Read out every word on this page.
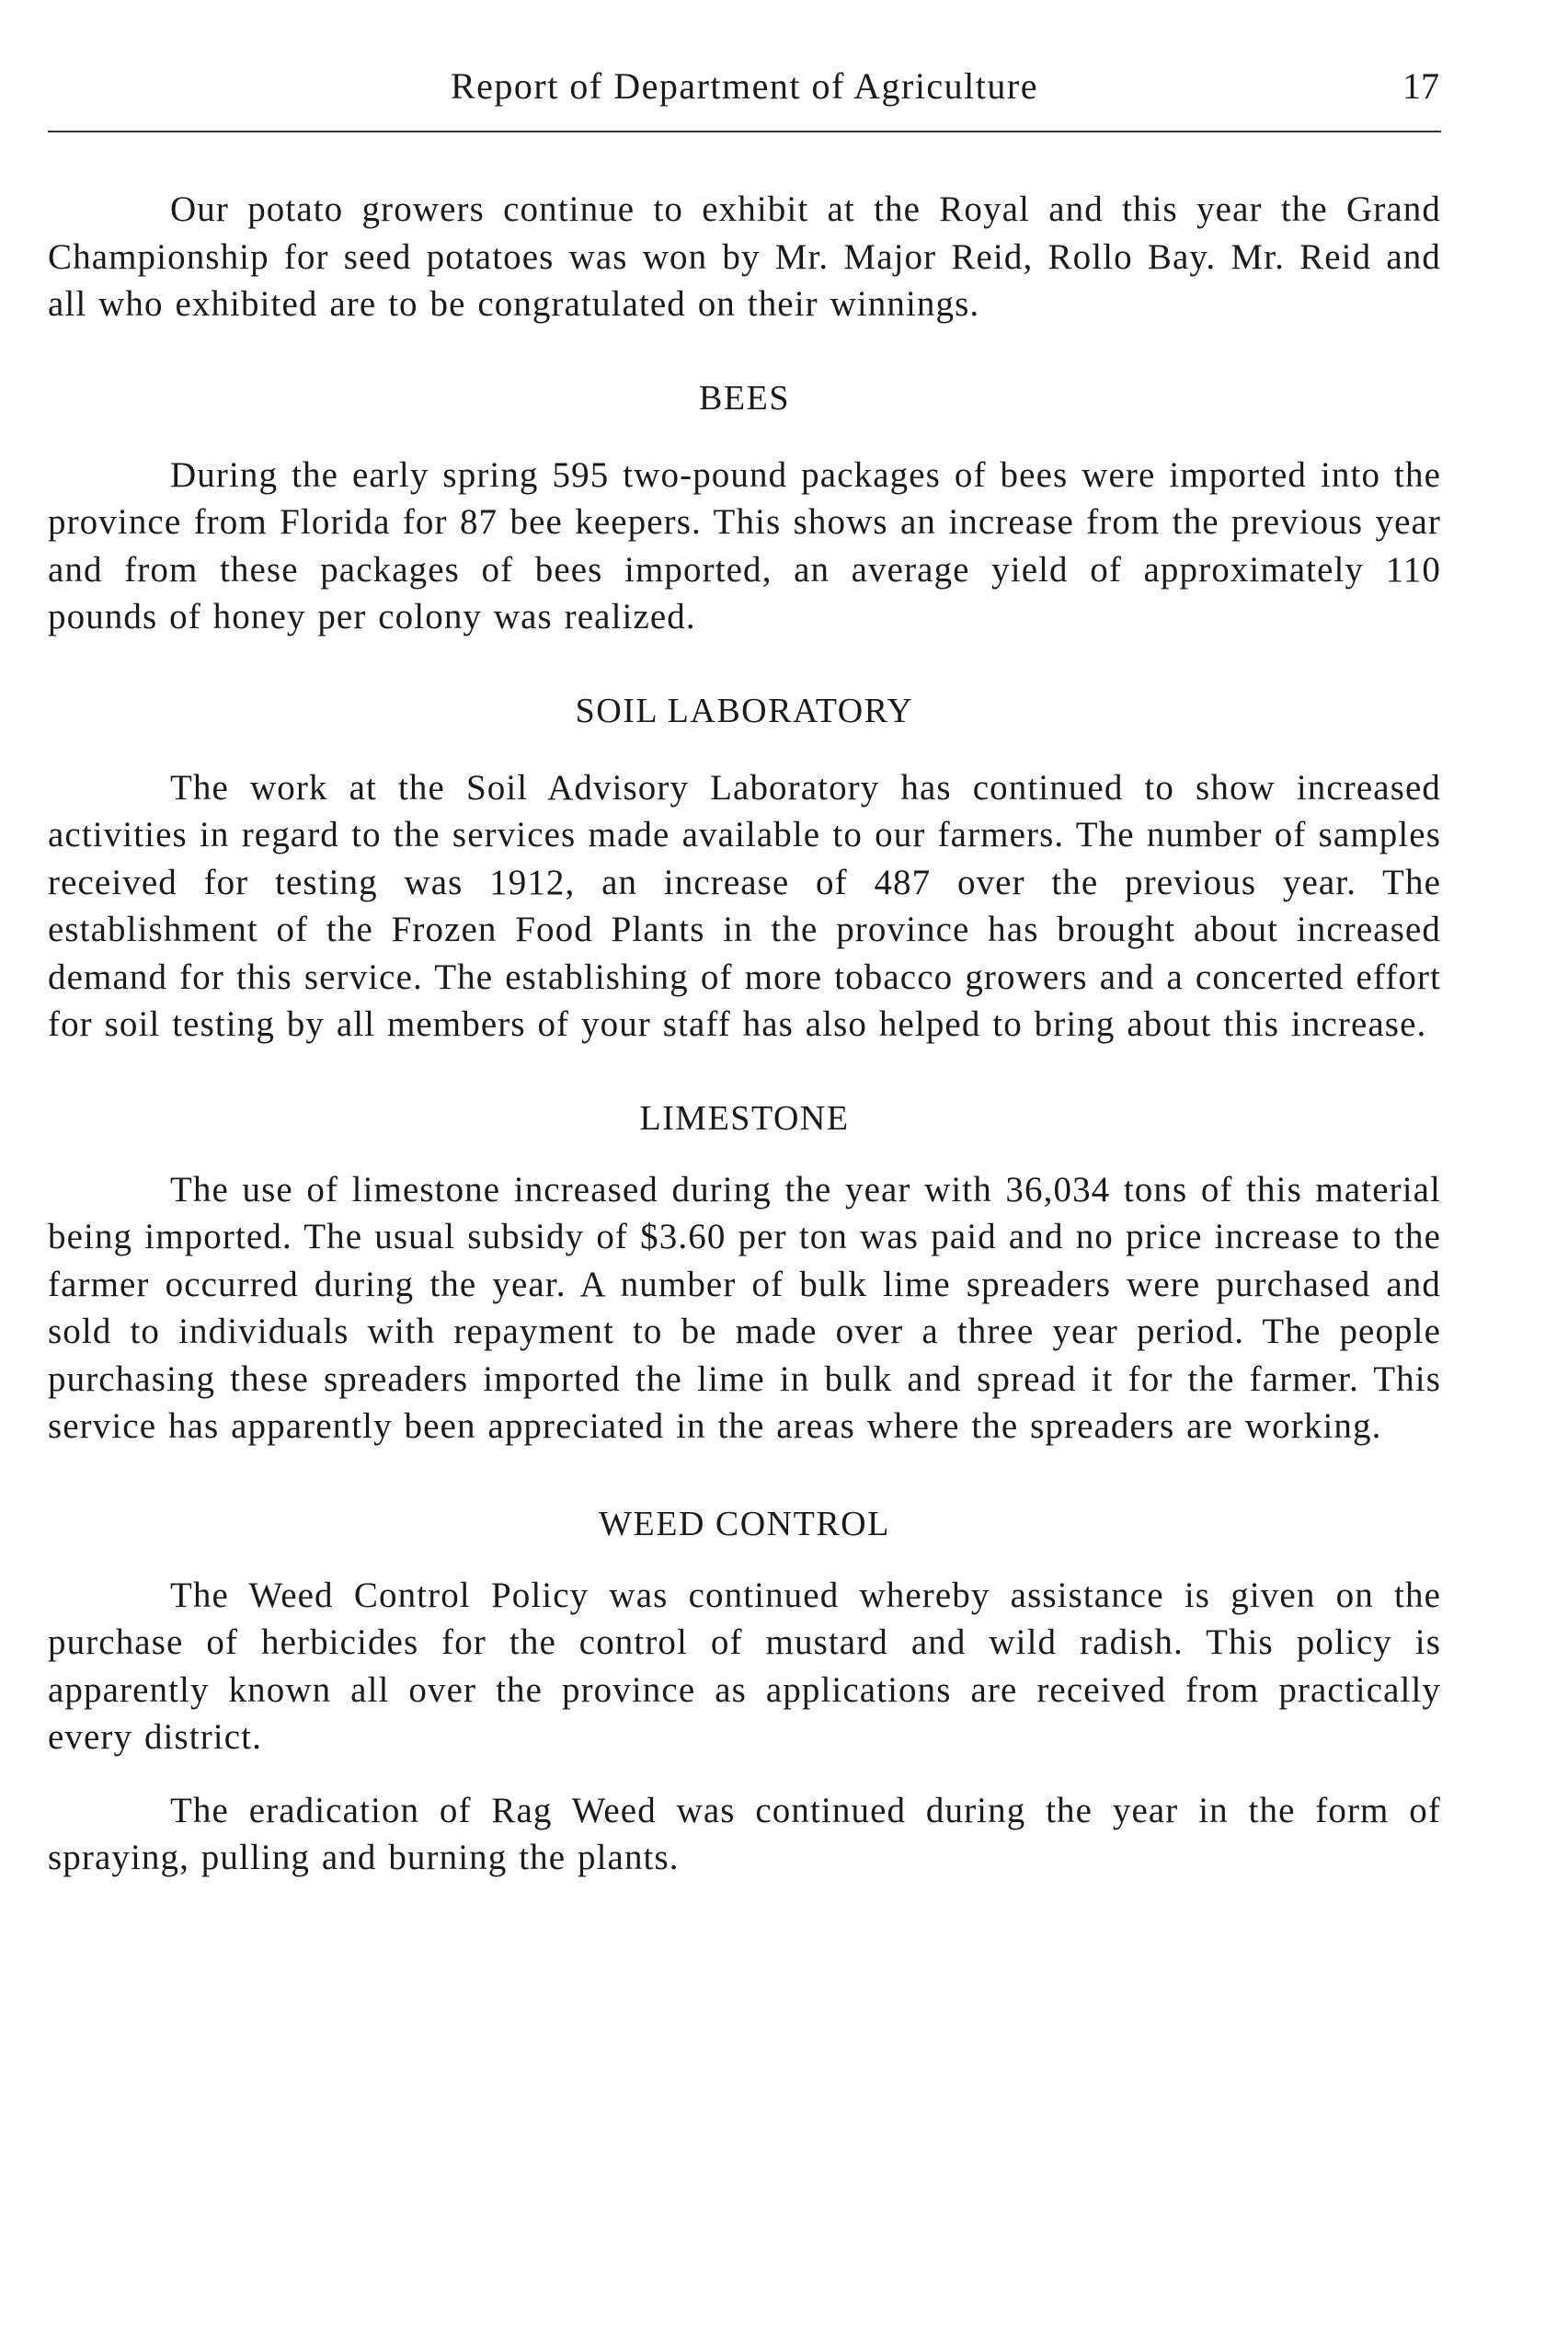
Report of Department of Agriculture	17

Our potato growers continue to exhibit at the Royal and this year the Grand Championship for seed potatoes was won by Mr. Major Reid, Rollo Bay. Mr. Reid and all who exhibited are to be congratulated on their winnings.

BEES

During the early spring 595 two-pound packages of bees were imported into the province from Florida for 87 bee keepers. This shows an increase from the previous year and from these packages of bees imported, an average yield of approximately 110 pounds of honey per colony was realized.

SOIL LABORATORY

The work at the Soil Advisory Laboratory has continued to show increased activities in regard to the services made available to our farmers. The number of samples received for testing was 1912, an increase of 487 over the previous year. The establishment of the Frozen Food Plants in the province has brought about increased demand for this service. The establishing of more tobacco growers and a concerted effort for soil testing by all members of your staff has also helped to bring about this increase.

LIMESTONE

The use of limestone increased during the year with 36,034 tons of this material being imported. The usual subsidy of $3.60 per ton was paid and no price increase to the farmer occurred during the year. A number of bulk lime spreaders were purchased and sold to individuals with repayment to be made over a three year period. The people purchasing these spreaders imported the lime in bulk and spread it for the farmer. This service has apparently been appreciated in the areas where the spreaders are working.

WEED CONTROL

The Weed Control Policy was continued whereby assistance is given on the purchase of herbicides for the control of mustard and wild radish. This policy is apparently known all over the province as applications are received from practically every district.

The eradication of Rag Weed was continued during the year in the form of spraying, pulling and burning the plants.
